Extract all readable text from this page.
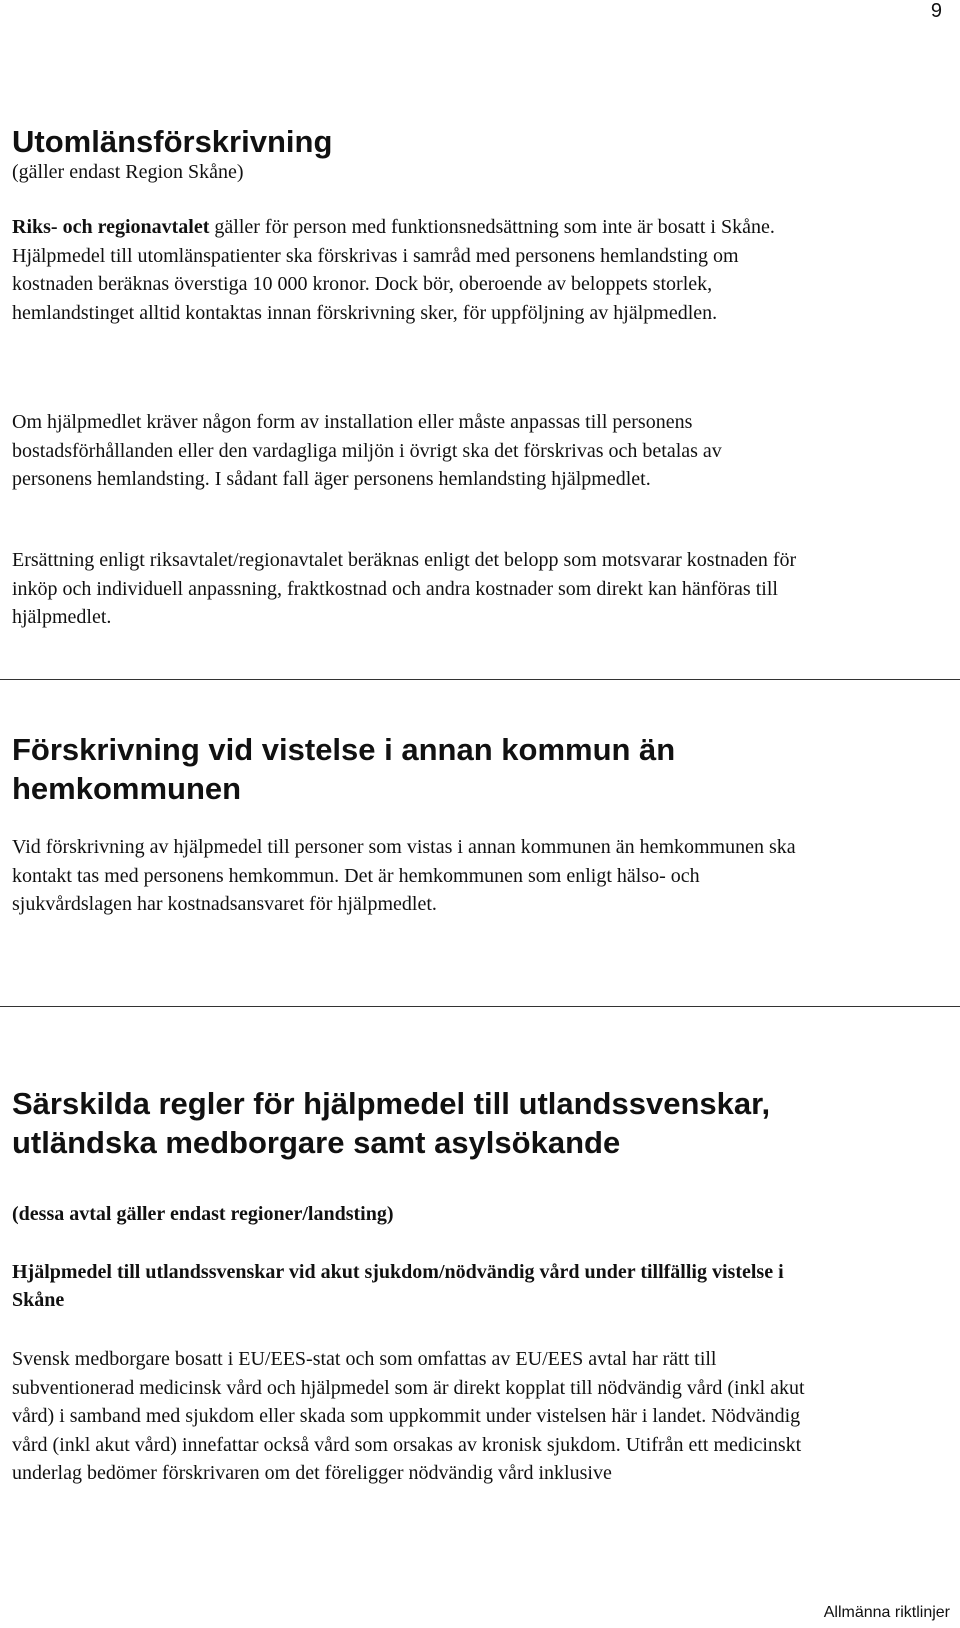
9
Utomlänsförskrivning

(gäller endast Region Skåne)

Riks- och regionavtalet gäller för person med funktionsnedsättning som inte är bosatt i Skåne.
Hjälpmedel till utomlänspatienter ska förskrivas i samråd med personens hemlandsting om kostnaden beräknas överstiga 10 000 kronor. Dock bör, oberoende av beloppets storlek, hemlandstinget alltid kontaktas innan förskrivning sker, för uppföljning av hjälpmedlen.

Om hjälpmedlet kräver någon form av installation eller måste anpassas till personens bostadsförhållanden eller den vardagliga miljön i övrigt ska det förskrivas och betalas av personens hemlandsting. I sådant fall äger personens hemlandsting hjälpmedlet.

Ersättning enligt riksavtalet/regionavtalet beräknas enligt det belopp som motsvarar kostnaden för inköp och individuell anpassning, fraktkostnad och andra kostnader som direkt kan hänföras till hjälpmedlet.

Förskrivning vid vistelse i annan kommun än hemkommunen

Vid förskrivning av hjälpmedel till personer som vistas i annan kommunen än hemkommunen ska kontakt tas med personens hemkommun. Det är hemkommunen som enligt hälso- och sjukvårdslagen har kostnadsansvaret för hjälpmedlet.

Särskilda regler för hjälpmedel till utlandssvenskar, utländska medborgare samt asylsökande

(dessa avtal gäller endast regioner/landsting)

Hjälpmedel till utlandssvenskar vid akut sjukdom/nödvändig vård under tillfällig vistelse i Skåne

Svensk medborgare bosatt i EU/EES-stat och som omfattas av EU/EES avtal har rätt till subventionerad medicinsk vård och hjälpmedel som är direkt kopplat till nödvändig vård (inkl akut vård) i samband med sjukdom eller skada som uppkommit under vistelsen här i landet. Nödvändig vård (inkl akut vård) innefattar också vård som orsakas av kronisk sjukdom. Utifrån ett medicinskt underlag bedömer förskrivaren om det föreligger nödvändig vård inklusive

Allmänna riktlinjer
